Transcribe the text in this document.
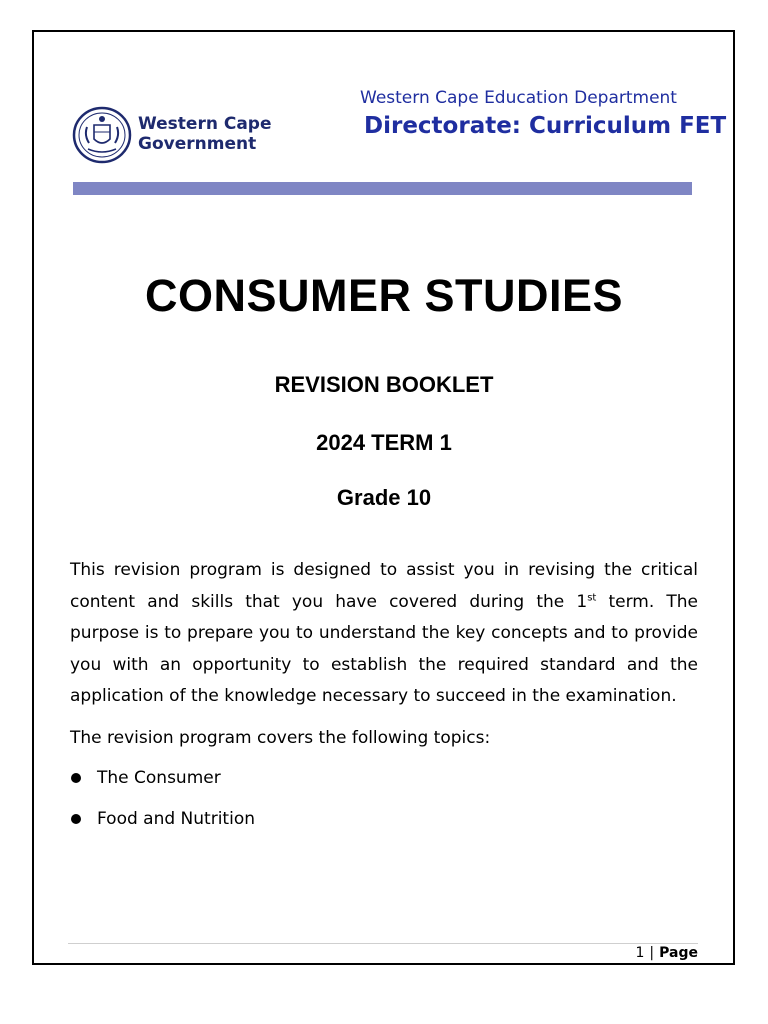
Western Cape
Government
Western Cape Education Department
Directorate: Curriculum FET
CONSUMER STUDIES
REVISION BOOKLET
2024 TERM 1
Grade 10

This revision program is designed to assist you in revising the critical content and skills that you have covered during the 1st term. The purpose is to prepare you to understand the key concepts and to provide you with an opportunity to establish the required standard and the application of the knowledge necessary to succeed in the examination.

The revision program covers the following topics:
The Consumer
Food and Nutrition
1 | Page
